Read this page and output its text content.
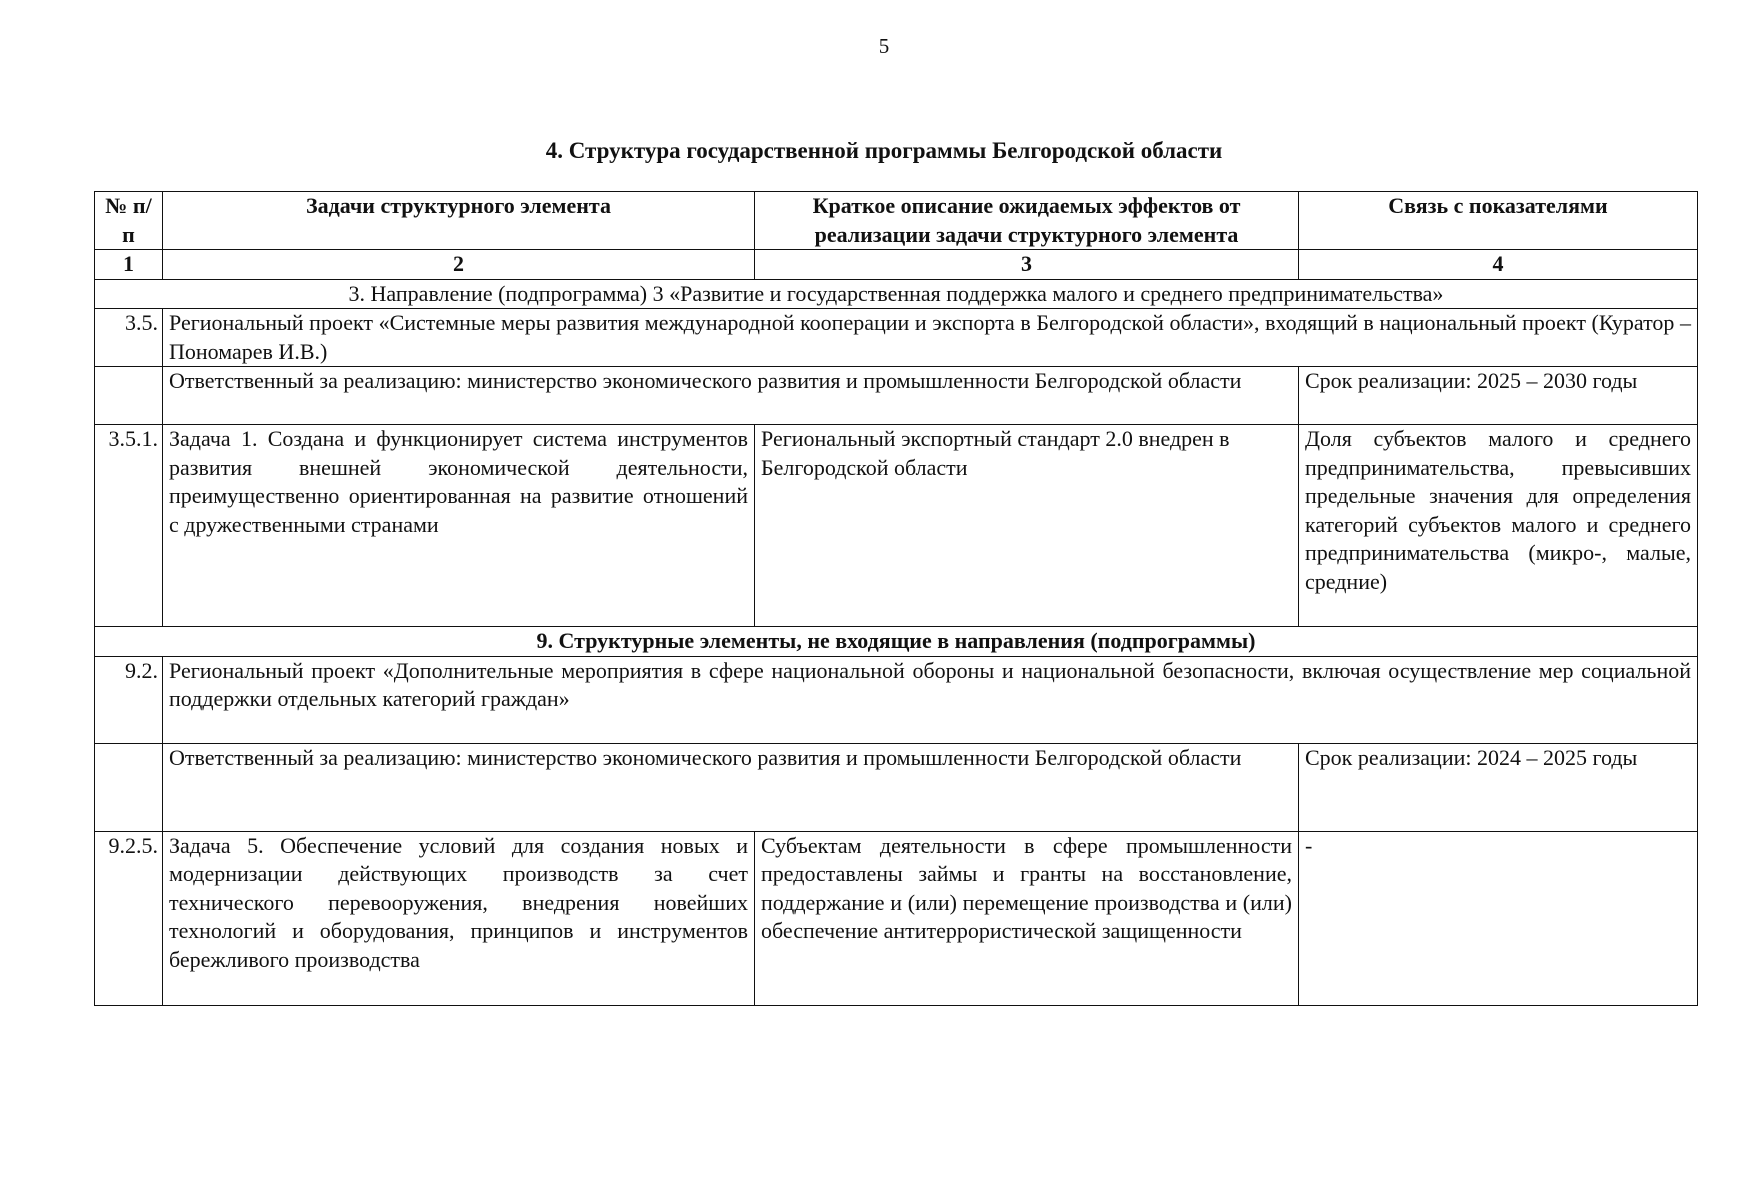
5
4. Структура государственной программы Белгородской области
№ п/п	Задачи структурного элемента	Краткое описание ожидаемых эффектов от реализации задачи структурного элемента	Связь с показателями
1	2	3	4
3. Направление (подпрограмма) 3 «Развитие и государственная поддержка малого и среднего предпринимательства»			
3.5.	Региональный проект «Системные меры развития международной кооперации и экспорта в Белгородской области», входящий в национальный проект (Куратор – Пономарев И.В.)		
	Ответственный за реализацию: министерство экономического развития и промышленности Белгородской области		Срок реализации: 2025 – 2030 годы
3.5.1.	Задача 1. Создана и функционирует система инструментов развития внешней экономической деятельности, преимущественно ориентированная на развитие отношений с дружественными странами	Региональный экспортный стандарт 2.0 внедрен в Белгородской области	Доля субъектов малого и среднего предпринимательства, превысивших предельные значения для определения категорий субъектов малого и среднего предпринимательства (микро-, малые, средние)
9. Структурные элементы, не входящие в направления (подпрограммы)			
9.2.	Региональный проект «Дополнительные мероприятия в сфере национальной обороны и национальной безопасности, включая осуществление мер социальной поддержки отдельных категорий граждан»		
	Ответственный за реализацию: министерство экономического развития и промышленности Белгородской области		Срок реализации: 2024 – 2025 годы
9.2.5.	Задача 5. Обеспечение условий для создания новых и модернизации действующих производств за счет технического перевооружения, внедрения новейших технологий и оборудования, принципов и инструментов бережливого производства	Субъектам деятельности в сфере промышленности предоставлены займы и гранты на восстановление, поддержание и (или) перемещение производства и (или) обеспечение антитеррористической защищенности	-
